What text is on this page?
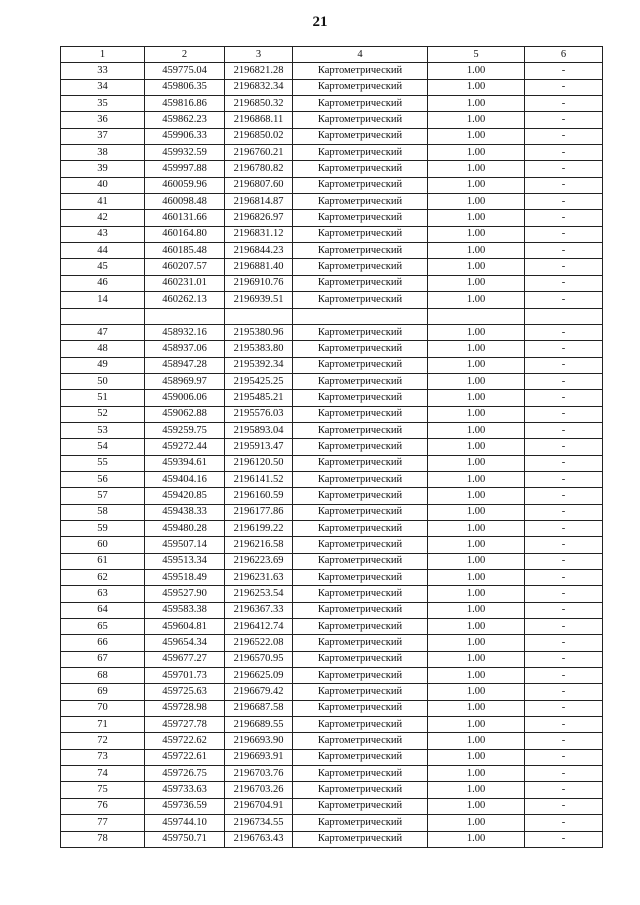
21
1	2	3	4	5	6
33	459775.04	2196821.28	Картометрический	1.00	-
34	459806.35	2196832.34	Картометрический	1.00	-
35	459816.86	2196850.32	Картометрический	1.00	-
36	459862.23	2196868.11	Картометрический	1.00	-
37	459906.33	2196850.02	Картометрический	1.00	-
38	459932.59	2196760.21	Картометрический	1.00	-
39	459997.88	2196780.82	Картометрический	1.00	-
40	460059.96	2196807.60	Картометрический	1.00	-
41	460098.48	2196814.87	Картометрический	1.00	-
42	460131.66	2196826.97	Картометрический	1.00	-
43	460164.80	2196831.12	Картометрический	1.00	-
44	460185.48	2196844.23	Картометрический	1.00	-
45	460207.57	2196881.40	Картометрический	1.00	-
46	460231.01	2196910.76	Картометрический	1.00	-
14	460262.13	2196939.51	Картометрический	1.00	-

47	458932.16	2195380.96	Картометрический	1.00	-
48	458937.06	2195383.80	Картометрический	1.00	-
49	458947.28	2195392.34	Картометрический	1.00	-
50	458969.97	2195425.25	Картометрический	1.00	-
51	459006.06	2195485.21	Картометрический	1.00	-
52	459062.88	2195576.03	Картометрический	1.00	-
53	459259.75	2195893.04	Картометрический	1.00	-
54	459272.44	2195913.47	Картометрический	1.00	-
55	459394.61	2196120.50	Картометрический	1.00	-
56	459404.16	2196141.52	Картометрический	1.00	-
57	459420.85	2196160.59	Картометрический	1.00	-
58	459438.33	2196177.86	Картометрический	1.00	-
59	459480.28	2196199.22	Картометрический	1.00	-
60	459507.14	2196216.58	Картометрический	1.00	-
61	459513.34	2196223.69	Картометрический	1.00	-
62	459518.49	2196231.63	Картометрический	1.00	-
63	459527.90	2196253.54	Картометрический	1.00	-
64	459583.38	2196367.33	Картометрический	1.00	-
65	459604.81	2196412.74	Картометрический	1.00	-
66	459654.34	2196522.08	Картометрический	1.00	-
67	459677.27	2196570.95	Картометрический	1.00	-
68	459701.73	2196625.09	Картометрический	1.00	-
69	459725.63	2196679.42	Картометрический	1.00	-
70	459728.98	2196687.58	Картометрический	1.00	-
71	459727.78	2196689.55	Картометрический	1.00	-
72	459722.62	2196693.90	Картометрический	1.00	-
73	459722.61	2196693.91	Картометрический	1.00	-
74	459726.75	2196703.76	Картометрический	1.00	-
75	459733.63	2196703.26	Картометрический	1.00	-
76	459736.59	2196704.91	Картометрический	1.00	-
77	459744.10	2196734.55	Картометрический	1.00	-
78	459750.71	2196763.43	Картометрический	1.00	-
